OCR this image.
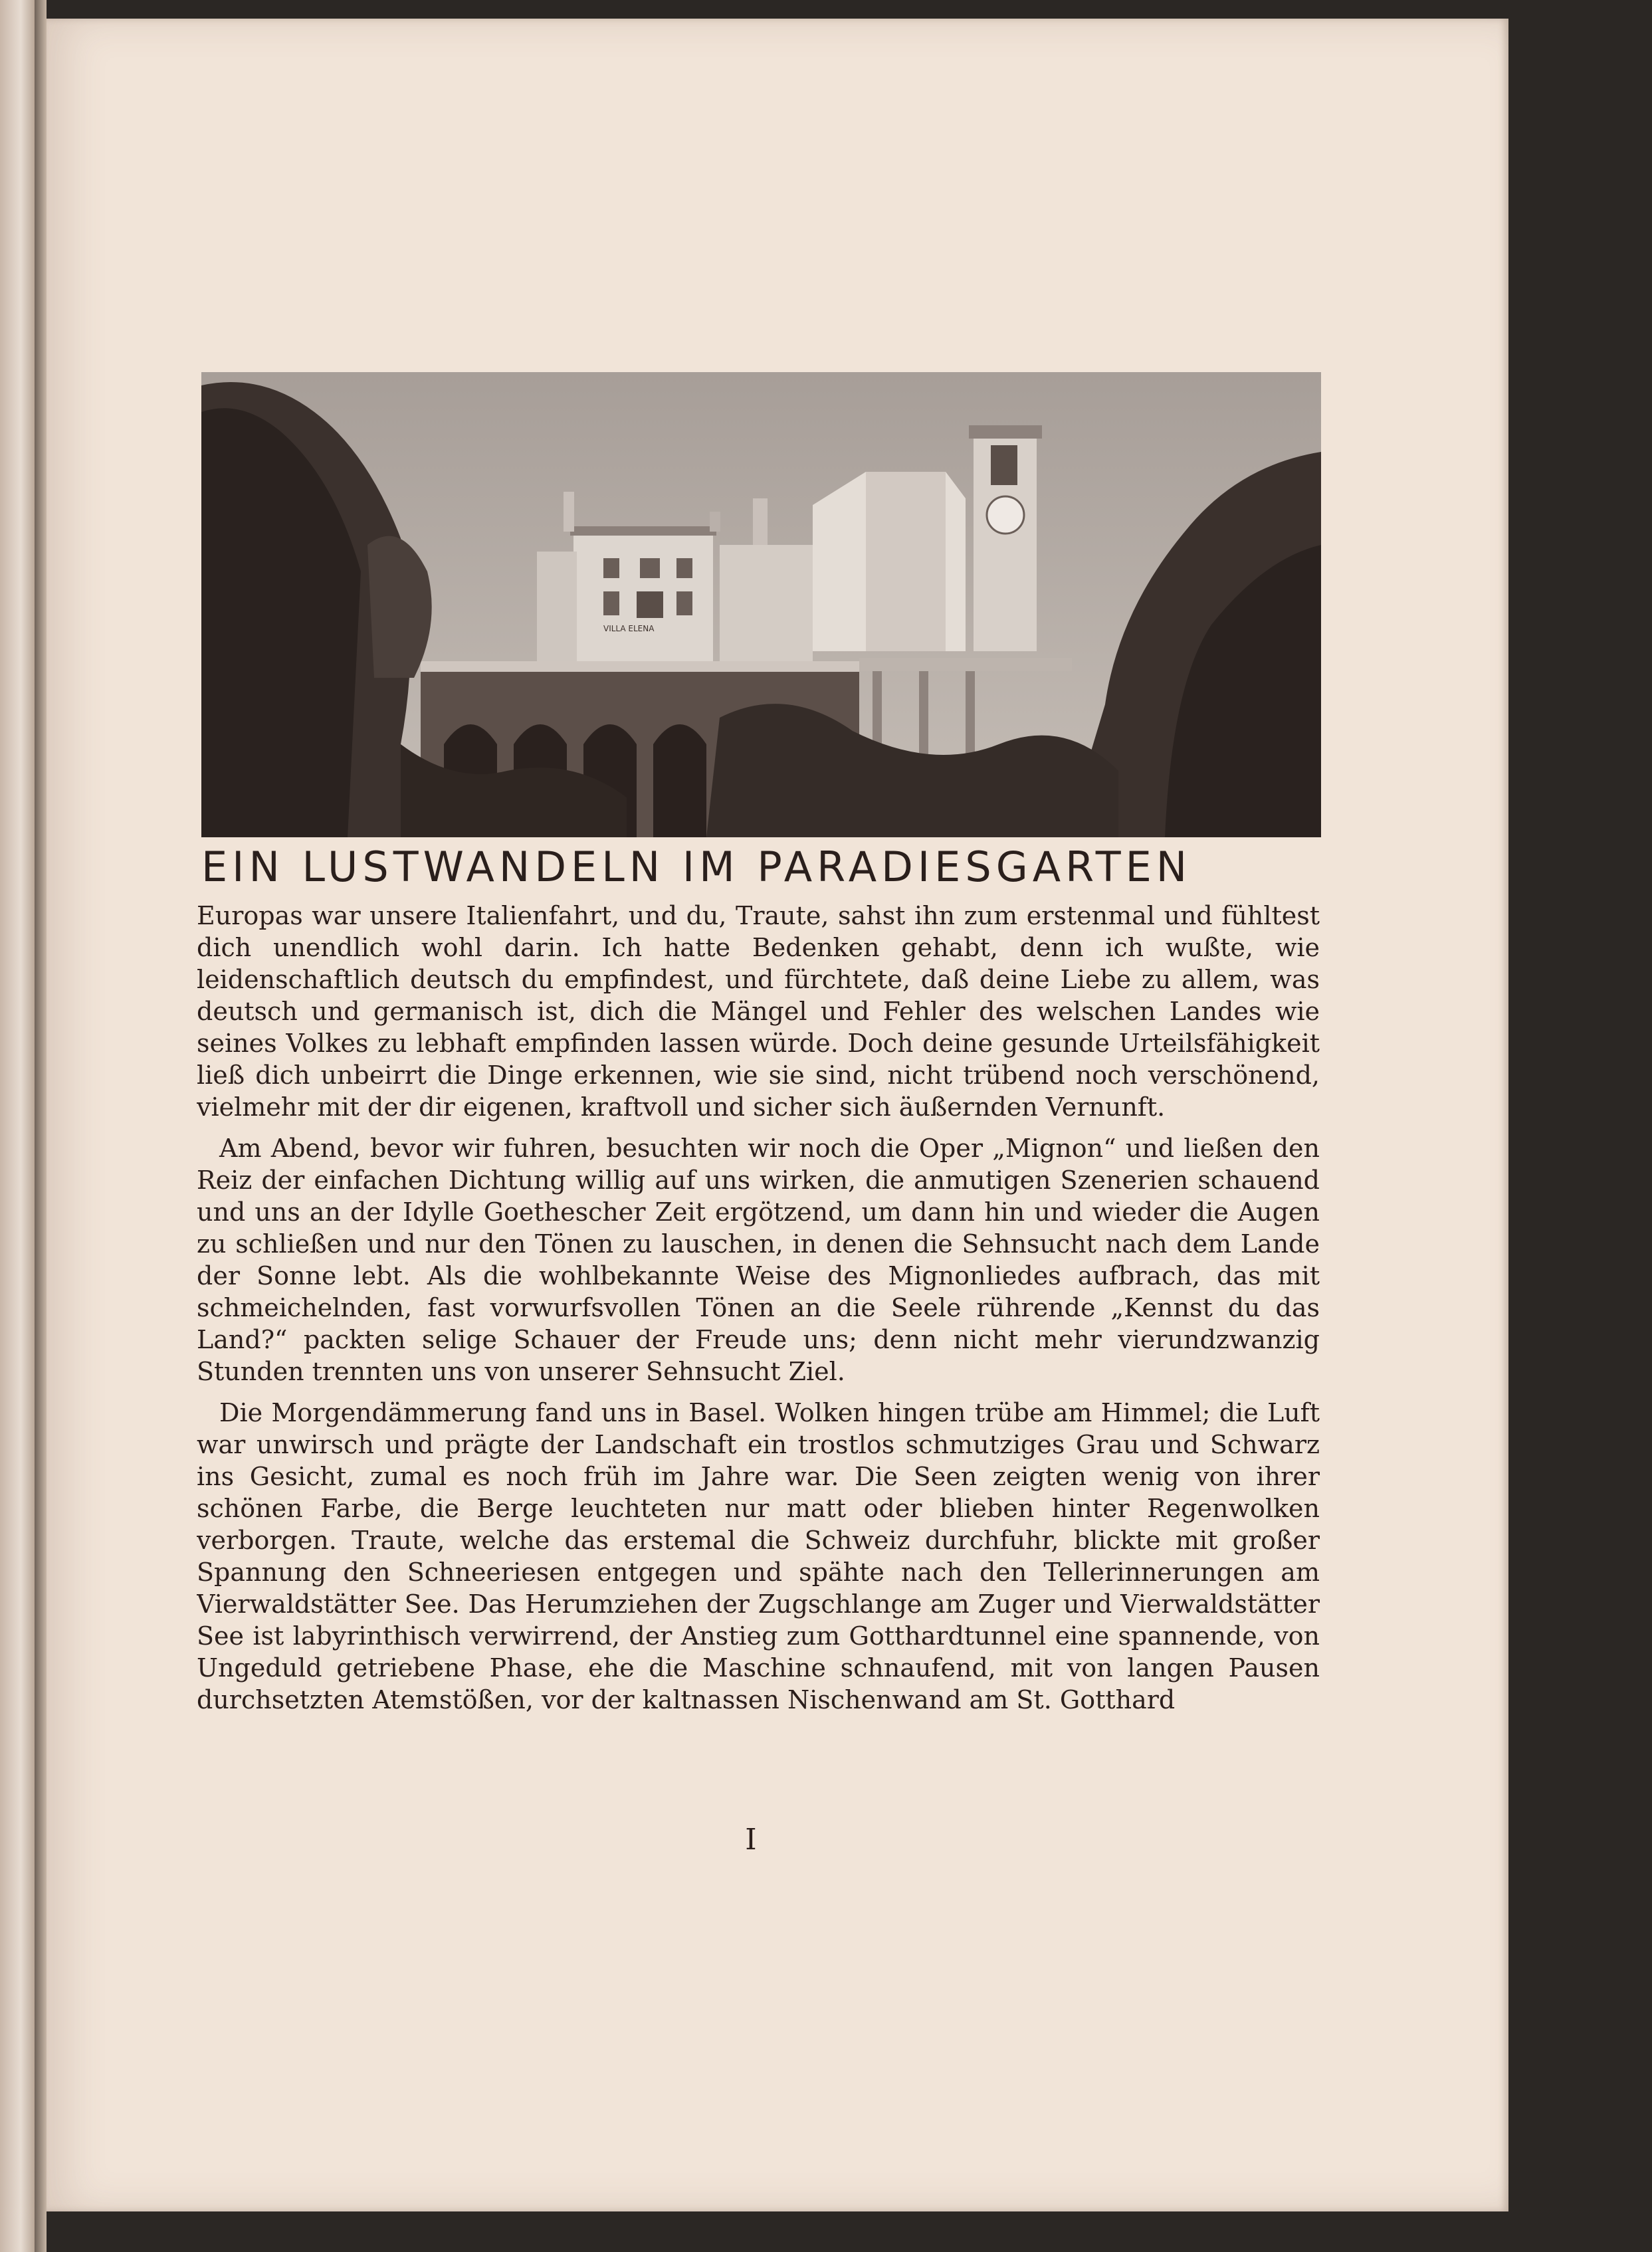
VILLA ELENA
EIN LUSTWANDELN IM PARADIESGARTEN

Europas war unsere Italienfahrt, und du, Traute, sahst ihn zum erstenmal und fühltest dich unendlich wohl darin. Ich hatte Bedenken gehabt, denn ich wußte, wie leidenschaftlich deutsch du empfindest, und fürchtete, daß deine Liebe zu allem, was deutsch und germanisch ist, dich die Mängel und Fehler des welschen Landes wie seines Volkes zu lebhaft empfinden lassen würde. Doch deine gesunde Urteilsfähigkeit ließ dich unbeirrt die Dinge erkennen, wie sie sind, nicht trübend noch verschönend, vielmehr mit der dir eigenen, kraftvoll und sicher sich äußernden Vernunft.

Am Abend, bevor wir fuhren, besuchten wir noch die Oper „Mignon“ und ließen den Reiz der einfachen Dichtung willig auf uns wirken, die anmutigen Szenerien schauend und uns an der Idylle Goethescher Zeit ergötzend, um dann hin und wieder die Augen zu schließen und nur den Tönen zu lauschen, in denen die Sehnsucht nach dem Lande der Sonne lebt. Als die wohlbekannte Weise des Mignonliedes aufbrach, das mit schmeichelnden, fast vorwurfsvollen Tönen an die Seele rührende „Kennst du das Land?“ packten selige Schauer der Freude uns; denn nicht mehr vierundzwanzig Stunden trennten uns von unserer Sehnsucht Ziel.

Die Morgendämmerung fand uns in Basel. Wolken hingen trübe am Himmel; die Luft war unwirsch und prägte der Landschaft ein trostlos schmutziges Grau und Schwarz ins Gesicht, zumal es noch früh im Jahre war. Die Seen zeigten wenig von ihrer schönen Farbe, die Berge leuchteten nur matt oder blieben hinter Regenwolken verborgen. Traute, welche das erstemal die Schweiz durchfuhr, blickte mit großer Spannung den Schneeriesen entgegen und spähte nach den Tellerinnerungen am Vierwaldstätter See. Das Herumziehen der Zugschlange am Zuger und Vierwaldstätter See ist labyrinthisch verwirrend, der Anstieg zum Gotthardtunnel eine spannende, von Ungeduld getriebene Phase, ehe die Maschine schnaufend, mit von langen Pausen durchsetzten Atemstößen, vor der kaltnassen Nischenwand am St. Gotthard

I
